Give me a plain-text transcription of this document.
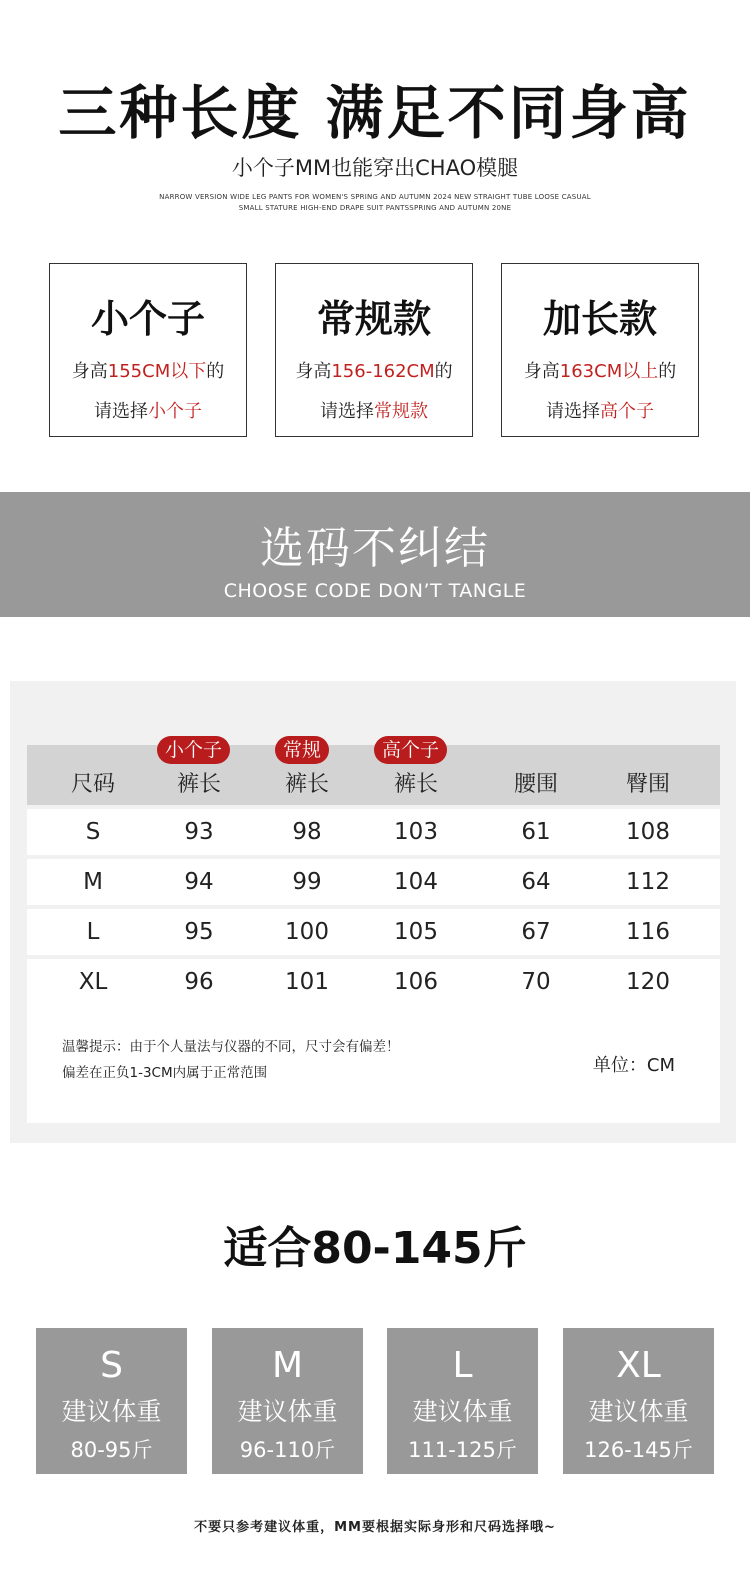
三种长度 满足不同身高
小个子MM也能穿出CHAO模腿
NARROW VERSION WIDE LEG PANTS FOR WOMEN'S SPRING AND AUTUMN 2024 NEW STRAIGHT TUBE LOOSE CASUAL
SMALL STATURE HIGH-END DRAPE SUIT PANTSSPRING AND AUTUMN 20NE
小个子
身高155CM以下的
请选择小个子
常规款
身高156-162CM的
请选择常规款
加长款
身高163CM以上的
请选择高个子
选码不纠结
CHOOSE CODE DON’T TANGLE
尺码	裤长	裤长	裤长	腰围	臀围
小个子	常规	高个子
S	93	98	103	61	108
M	94	99	104	64	112
L	95	100	105	67	116
XL	96	101	106	70	120
温馨提示：由于个人量法与仪器的不同，尺寸会有偏差！
偏差在正负1-3CM内属于正常范围	单位：CM
适合80-145斤
S
建议体重
80-95斤
M
建议体重
96-110斤
L
建议体重
111-125斤
XL
建议体重
126-145斤
不要只参考建议体重，MM要根据实际身形和尺码选择哦~
